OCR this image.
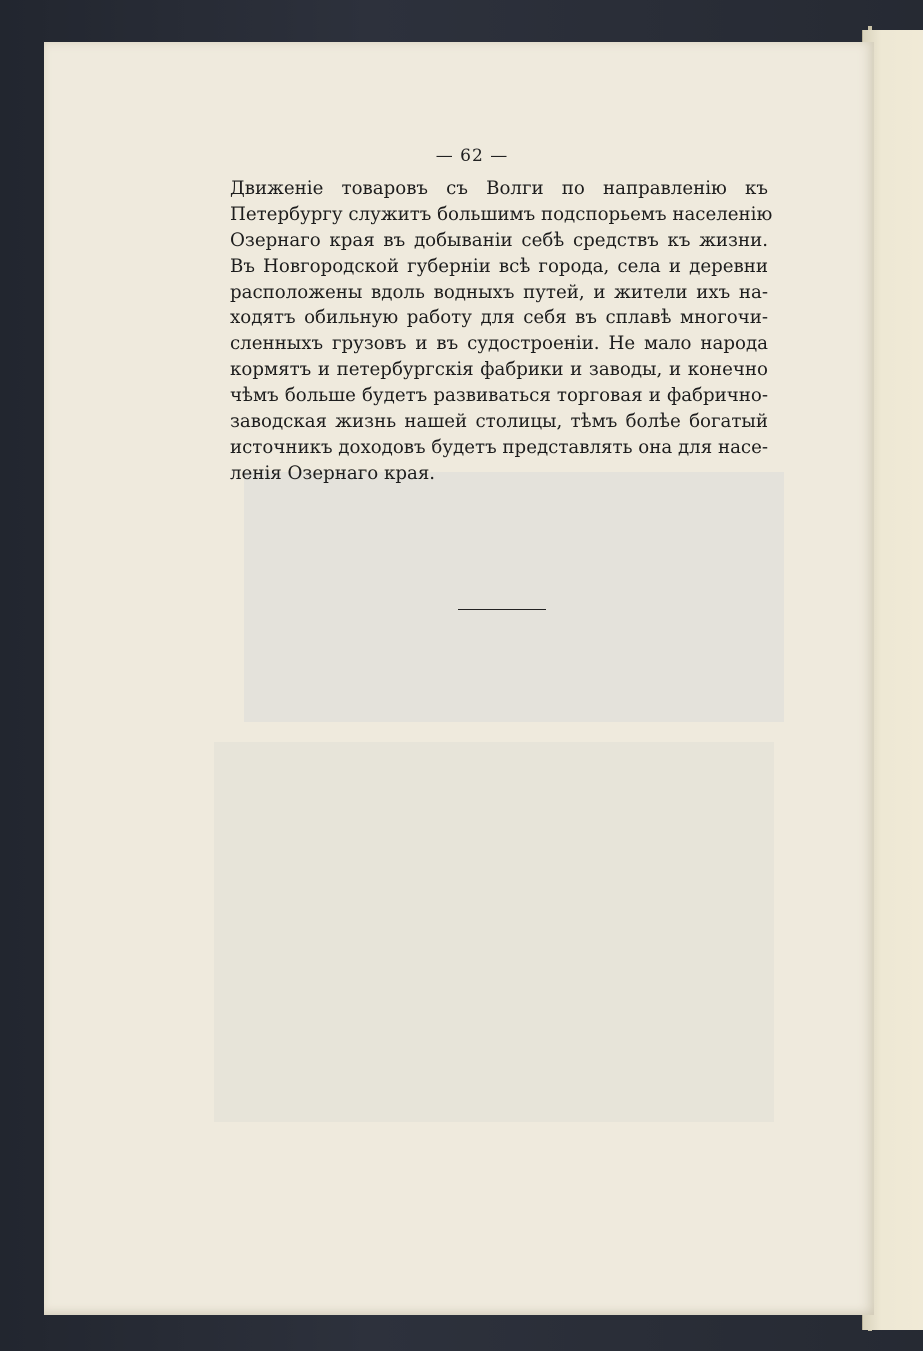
— 62 —
Движеніе товаровъ съ Волги по направленію къ
Петербургу служитъ большимъ подспорьемъ населенію
Озернаго края въ добываніи себѣ средствъ къ жизни.
Въ Новгородской губерніи всѣ города, села и деревни
расположены вдоль водныхъ путей, и жители ихъ на-
ходятъ обильную работу для себя въ сплавѣ многочи-
сленныхъ грузовъ и въ судостроеніи. Не мало народа
кормятъ и петербургскія фабрики и заводы, и конечно
чѣмъ больше будетъ развиваться торговая и фабрично-
заводская жизнь нашей столицы, тѣмъ болѣе богатый
источникъ доходовъ будетъ представлять она для насе-
ленія Озернаго края.
